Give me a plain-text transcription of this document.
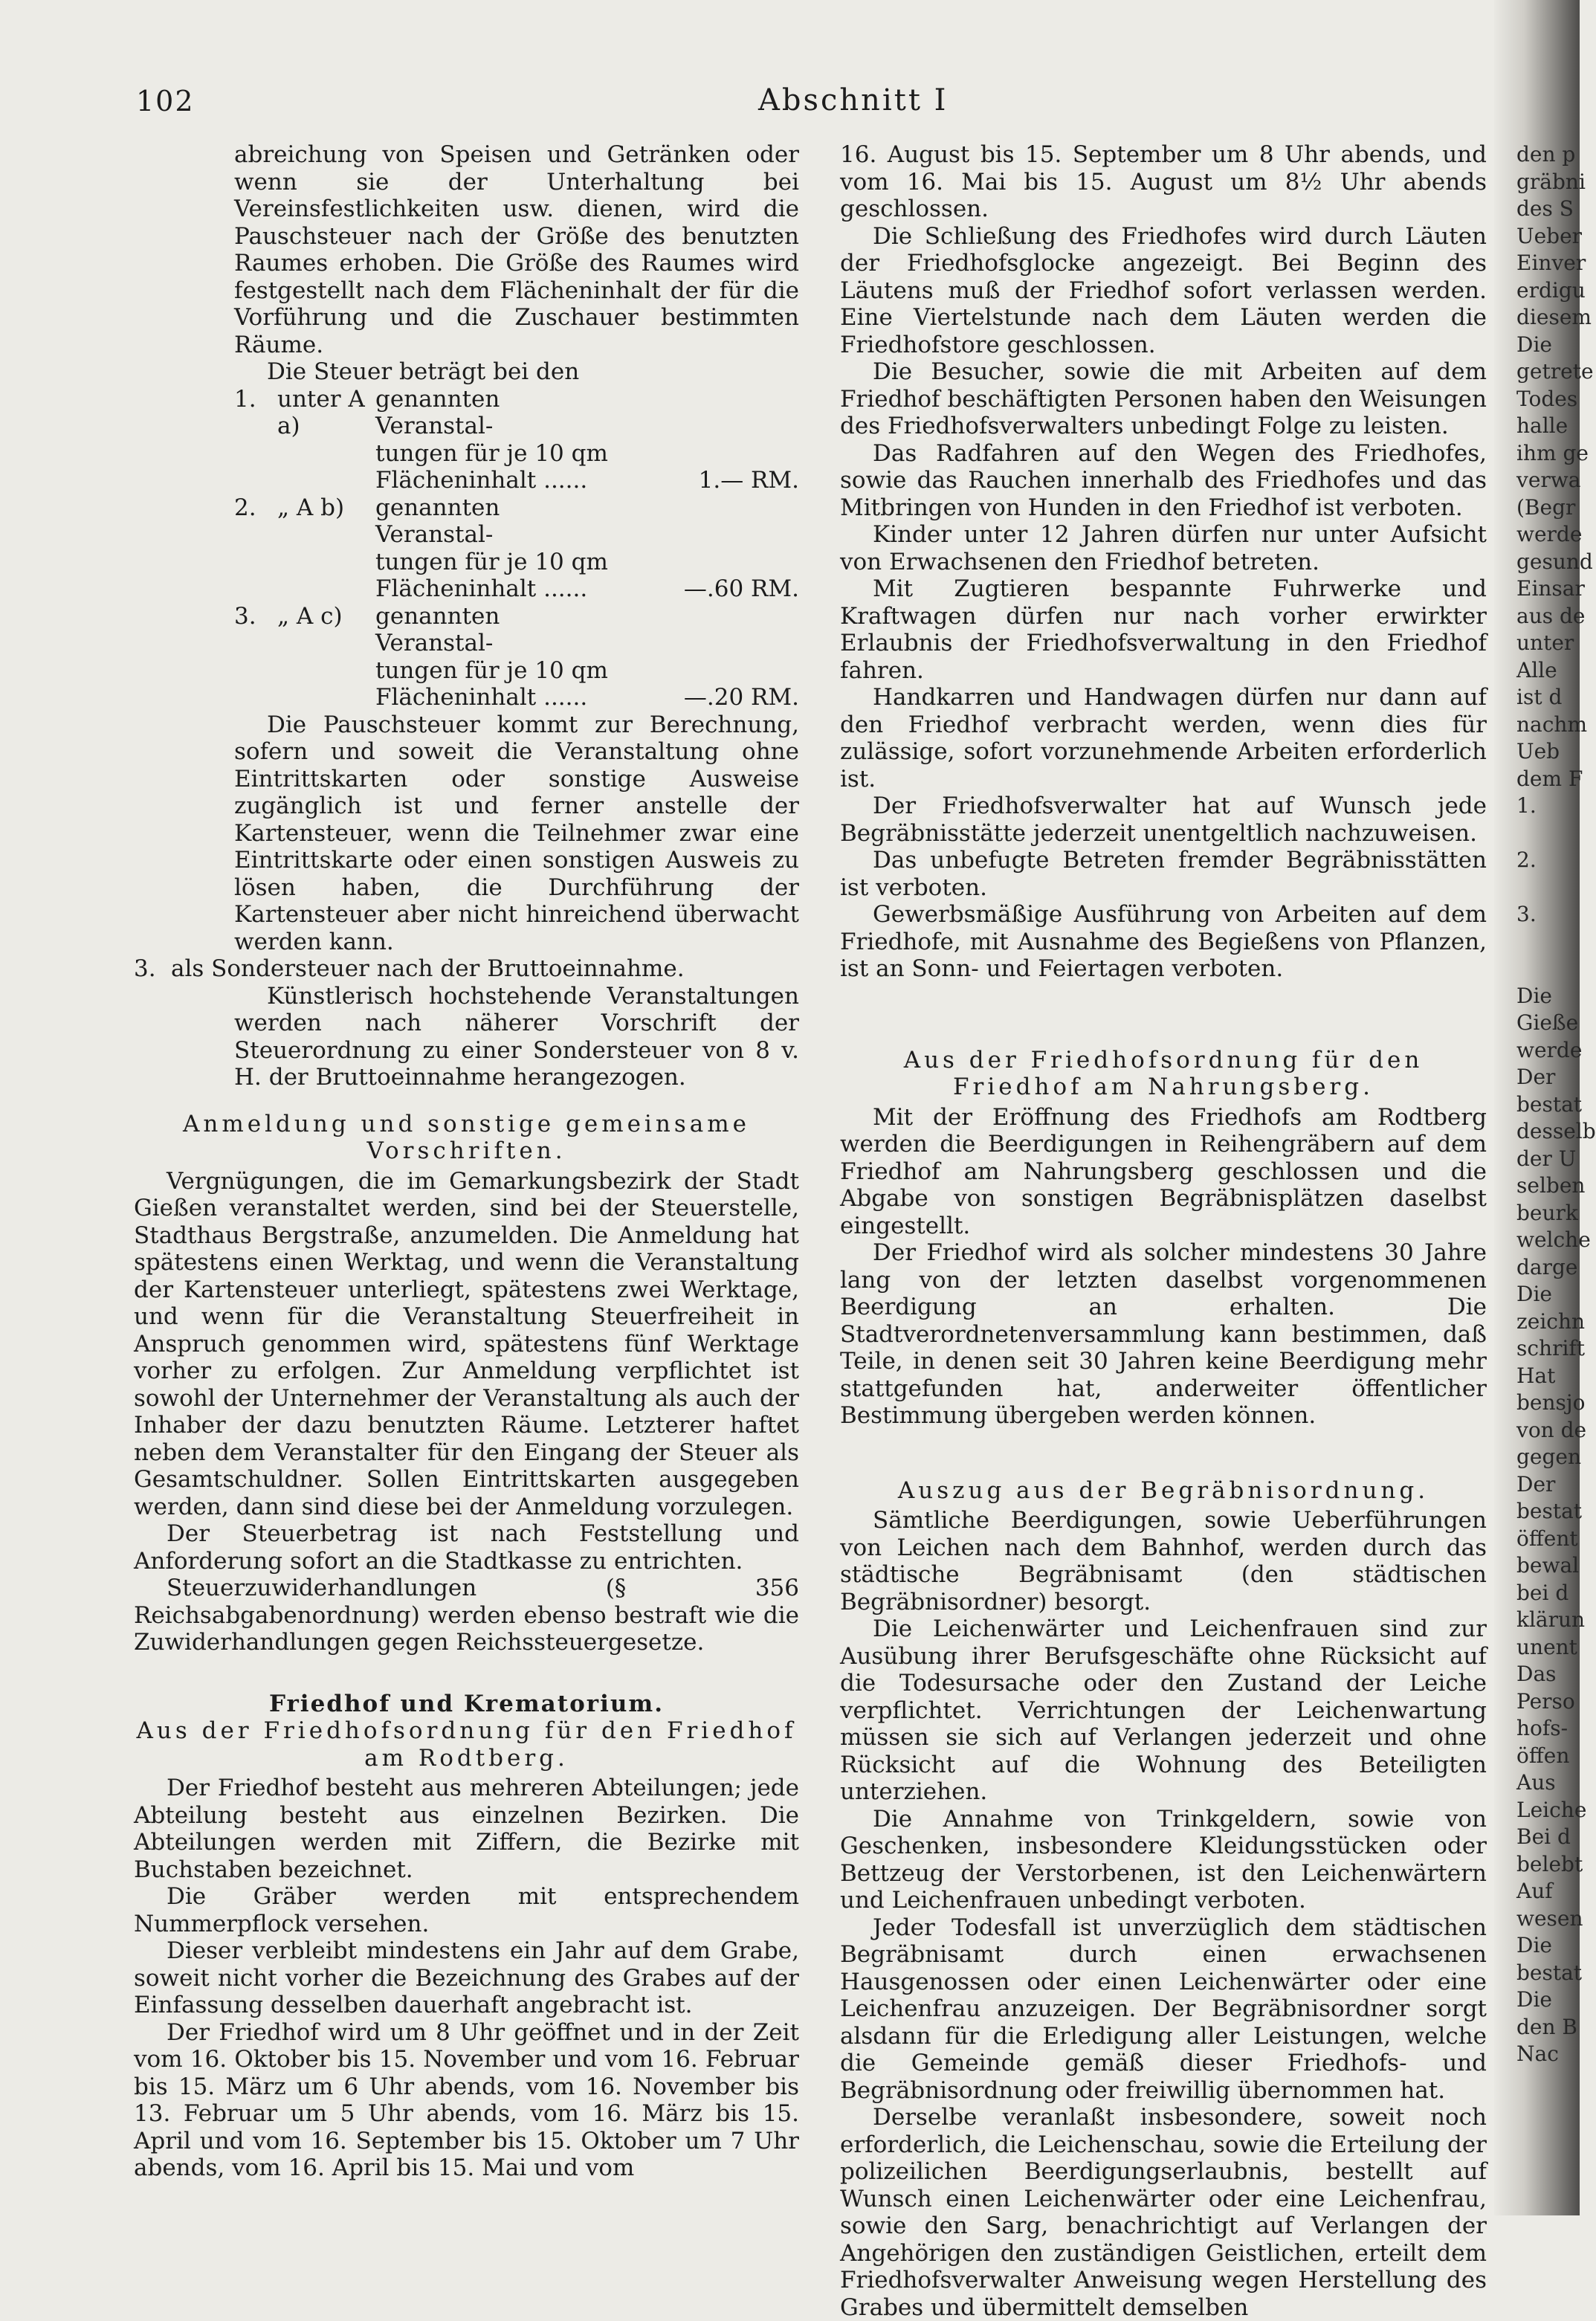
102	Abschnitt I

abreichung von Speisen und Getränken oder wenn sie der Unterhaltung bei Vereinsfestlichkeiten usw. dienen, wird die Pauschsteuer nach der Größe des benutzten Raumes erhoben. Die Größe des Raumes wird festgestellt nach dem Flächeninhalt der für die Vorführung und die Zuschauer bestimmten Räume.

Die Steuer beträgt bei den

1. unter A a)
genannten Veranstal-
tungen für je 10 qm
Flächeninhalt ......	1.— RM.
2. „ A b)	genannten Veranstal-
tungen für je 10 qm
Flächeninhalt ......	—.60 RM.
3. „ A c)	genannten Veranstal-
tungen für je 10 qm
Flächeninhalt ......	—.20 RM.

Die Pauschsteuer kommt zur Berechnung, sofern und soweit die Veranstaltung ohne Eintrittskarten oder sonstige Ausweise zugänglich ist und ferner anstelle der Kartensteuer, wenn die Teilnehmer zwar eine Eintrittskarte oder einen sonstigen Ausweis zu lösen haben, die Durchführung der Kartensteuer aber nicht hinreichend überwacht werden kann.

3. als Sondersteuer nach der Bruttoeinnahme.

Künstlerisch hochstehende Veranstaltungen werden nach näherer Vorschrift der Steuerordnung zu einer Sondersteuer von 8 v. H. der Bruttoeinnahme herangezogen.

Anmeldung und sonstige gemeinsame Vorschriften.

Vergnügungen, die im Gemarkungsbezirk der Stadt Gießen veranstaltet werden, sind bei der Steuerstelle, Stadthaus Bergstraße, anzumelden. Die Anmeldung hat spätestens einen Werktag, und wenn die Veranstaltung der Kartensteuer unterliegt, spätestens zwei Werktage, und wenn für die Veranstaltung Steuerfreiheit in Anspruch genommen wird, spätestens fünf Werktage vorher zu erfolgen. Zur Anmeldung verpflichtet ist sowohl der Unternehmer der Veranstaltung als auch der Inhaber der dazu benutzten Räume. Letzterer haftet neben dem Veranstalter für den Eingang der Steuer als Gesamtschuldner. Sollen Eintrittskarten ausgegeben werden, dann sind diese bei der Anmeldung vorzulegen.

Der Steuerbetrag ist nach Feststellung und Anforderung sofort an die Stadtkasse zu entrichten.

Steuerzuwiderhandlungen (§ 356 Reichsabgabenordnung) werden ebenso bestraft wie die Zuwiderhandlungen gegen Reichssteuergesetze.

Friedhof und Krematorium.
Aus der Friedhofsordnung für den Friedhof am Rodtberg.

Der Friedhof besteht aus mehreren Abteilungen; jede Abteilung besteht aus einzelnen Bezirken. Die Abteilungen werden mit Ziffern, die Bezirke mit Buchstaben bezeichnet.

Die Gräber werden mit entsprechendem Nummerpflock versehen.

Dieser verbleibt mindestens ein Jahr auf dem Grabe, soweit nicht vorher die Bezeichnung des Grabes auf der Einfassung desselben dauerhaft angebracht ist.

Der Friedhof wird um 8 Uhr geöffnet und in der Zeit vom 16. Oktober bis 15. November und vom 16. Februar bis 15. März um 6 Uhr abends, vom 16. November bis 13. Februar um 5 Uhr abends, vom 16. März bis 15. April und vom 16. September bis 15. Oktober um 7 Uhr abends, vom 16. April bis 15. Mai und vom

16. August bis 15. September um 8 Uhr abends, und vom 16. Mai bis 15. August um 8½ Uhr abends geschlossen.

Die Schließung des Friedhofes wird durch Läuten der Friedhofsglocke angezeigt. Bei Beginn des Läutens muß der Friedhof sofort verlassen werden. Eine Viertelstunde nach dem Läuten werden die Friedhofstore geschlossen.

Die Besucher, sowie die mit Arbeiten auf dem Friedhof beschäftigten Personen haben den Weisungen des Friedhofsverwalters unbedingt Folge zu leisten.

Das Radfahren auf den Wegen des Friedhofes, sowie das Rauchen innerhalb des Friedhofes und das Mitbringen von Hunden in den Friedhof ist verboten.

Kinder unter 12 Jahren dürfen nur unter Aufsicht von Erwachsenen den Friedhof betreten.

Mit Zugtieren bespannte Fuhrwerke und Kraftwagen dürfen nur nach vorher erwirkter Erlaubnis der Friedhofsverwaltung in den Friedhof fahren.

Handkarren und Handwagen dürfen nur dann auf den Friedhof verbracht werden, wenn dies für zulässige, sofort vorzunehmende Arbeiten erforderlich ist.

Der Friedhofsverwalter hat auf Wunsch jede Begräbnisstätte jederzeit unentgeltlich nachzuweisen.

Das unbefugte Betreten fremder Begräbnisstätten ist verboten.

Gewerbsmäßige Ausführung von Arbeiten auf dem Friedhofe, mit Ausnahme des Begießens von Pflanzen, ist an Sonn- und Feiertagen verboten.

Aus der Friedhofsordnung für den Friedhof am Nahrungsberg.

Mit der Eröffnung des Friedhofs am Rodtberg werden die Beerdigungen in Reihengräbern auf dem Friedhof am Nahrungsberg geschlossen und die Abgabe von sonstigen Begräbnisplätzen daselbst eingestellt.

Der Friedhof wird als solcher mindestens 30 Jahre lang von der letzten daselbst vorgenommenen Beerdigung an erhalten. Die Stadtverordnetenversammlung kann bestimmen, daß Teile, in denen seit 30 Jahren keine Beerdigung mehr stattgefunden hat, anderweiter öffentlicher Bestimmung übergeben werden können.

Auszug aus der Begräbnisordnung.

Sämtliche Beerdigungen, sowie Ueberführungen von Leichen nach dem Bahnhof, werden durch das städtische Begräbnisamt (den städtischen Begräbnisordner) besorgt.

Die Leichenwärter und Leichenfrauen sind zur Ausübung ihrer Berufsgeschäfte ohne Rücksicht auf die Todesursache oder den Zustand der Leiche verpflichtet. Verrichtungen der Leichenwartung müssen sie sich auf Verlangen jederzeit und ohne Rücksicht auf die Wohnung des Beteiligten unterziehen.

Die Annahme von Trinkgeldern, sowie von Geschenken, insbesondere Kleidungsstücken oder Bettzeug der Verstorbenen, ist den Leichenwärtern und Leichenfrauen unbedingt verboten.

Jeder Todesfall ist unverzüglich dem städtischen Begräbnisamt durch einen erwachsenen Hausgenossen oder einen Leichenwärter oder eine Leichenfrau anzuzeigen. Der Begräbnisordner sorgt alsdann für die Erledigung aller Leistungen, welche die Gemeinde gemäß dieser Friedhofs- und Begräbnisordnung oder freiwillig übernommen hat.

Derselbe veranlaßt insbesondere, soweit noch erforderlich, die Leichenschau, sowie die Erteilung der polizeilichen Beerdigungserlaubnis, bestellt auf Wunsch einen Leichenwärter oder eine Leichenfrau, sowie den Sarg, benachrichtigt auf Verlangen der Angehörigen den zuständigen Geistlichen, erteilt dem Friedhofsverwalter Anweisung wegen Herstellung des Grabes und übermittelt demselben

den p
gräbni
des S
Ueber
Einver
erdigu
diesem
Die
getrete
Todes
halle
ihm ge
verwa
(Begr
werde
gesund
Einsar
aus de
unter
Alle
ist d
nachm
Ueb
dem F
1.

2.

3.

Die
Gieße
werde
Der
bestat
desselb
der U
selben
beurk
welche
darge
Die
zeichn
schrift
Hat
bensjo
von de
gegen
Der
bestat
öffent
bewal
bei d
klärun
unent
Das
Perso
hofs-
öffen
Aus
Leiche
Bei d
belebt
Auf
wesen
Die
bestat
Die
den B
Nac
